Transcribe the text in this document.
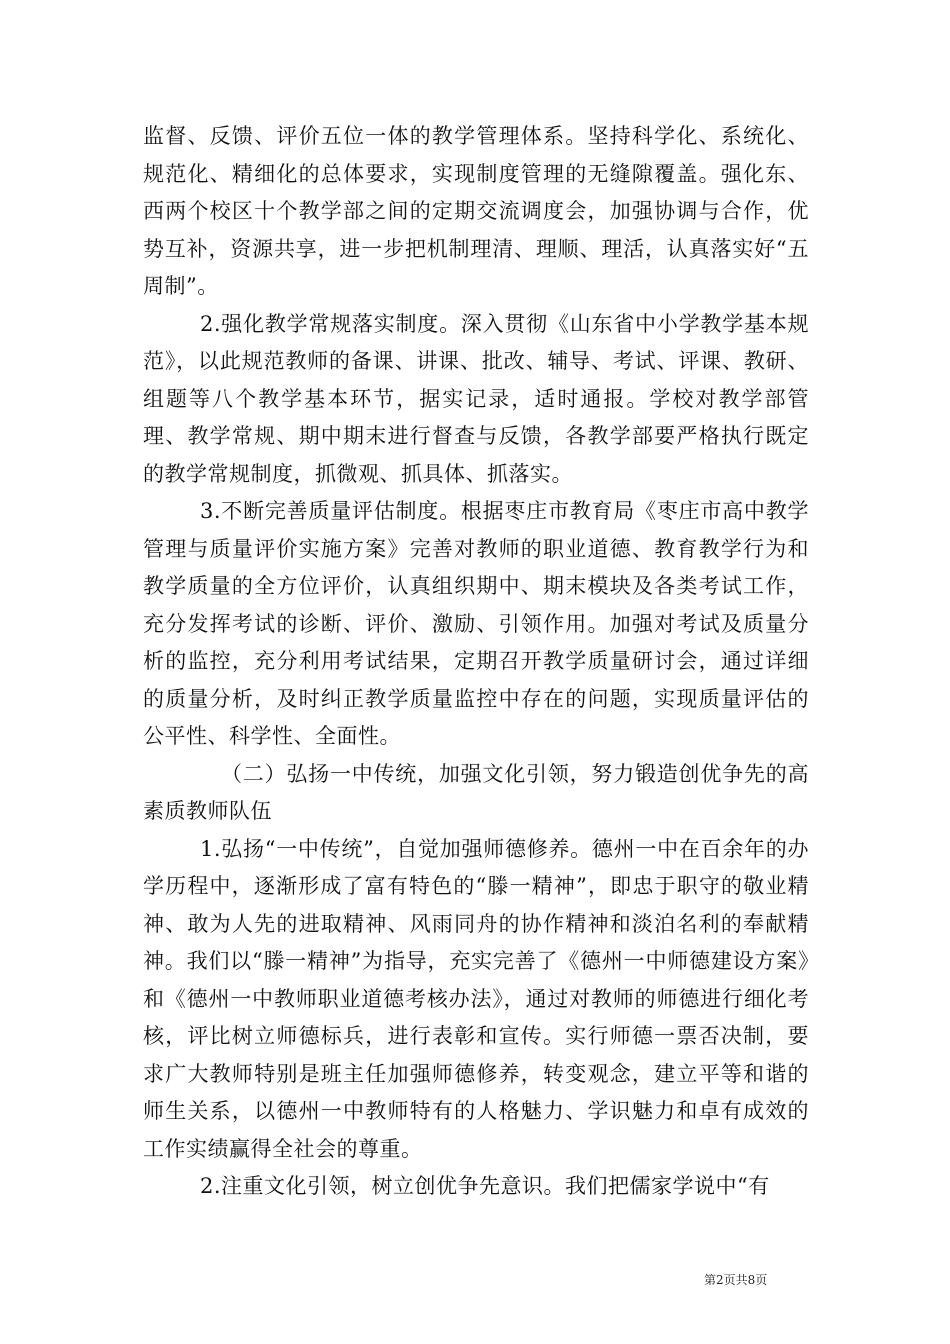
监督、反馈、评价五位一体的教学管理体系。坚持科学化、系统化、规范化、精细化的总体要求，实现制度管理的无缝隙覆盖。强化东、西两个校区十个教学部之间的定期交流调度会，加强协调与合作，优势互补，资源共享，进一步把机制理清、理顺、理活，认真落实好“五周制”。

2.强化教学常规落实制度。深入贯彻《山东省中小学教学基本规范》，以此规范教师的备课、讲课、批改、辅导、考试、评课、教研、组题等八个教学基本环节，据实记录，适时通报。学校对教学部管理、教学常规、期中期末进行督查与反馈，各教学部要严格执行既定的教学常规制度，抓微观、抓具体、抓落实。

3.不断完善质量评估制度。根据枣庄市教育局《枣庄市高中教学管理与质量评价实施方案》完善对教师的职业道德、教育教学行为和教学质量的全方位评价，认真组织期中、期末模块及各类考试工作，充分发挥考试的诊断、评价、激励、引领作用。加强对考试及质量分析的监控，充分利用考试结果，定期召开教学质量研讨会，通过详细的质量分析，及时纠正教学质量监控中存在的问题，实现质量评估的公平性、科学性、全面性。

（二）弘扬一中传统，加强文化引领，努力锻造创优争先的高素质教师队伍

1.弘扬“一中传统”，自觉加强师德修养。德州一中在百余年的办学历程中，逐渐形成了富有特色的“滕一精神”，即忠于职守的敬业精神、敢为人先的进取精神、风雨同舟的协作精神和淡泊名利的奉献精神。我们以“滕一精神”为指导，充实完善了《德州一中师德建设方案》和《德州一中教师职业道德考核办法》，通过对教师的师德进行细化考核，评比树立师德标兵，进行表彰和宣传。实行师德一票否决制，要求广大教师特别是班主任加强师德修养，转变观念，建立平等和谐的师生关系，以德州一中教师特有的人格魅力、学识魅力和卓有成效的工作实绩赢得全社会的尊重。

2.注重文化引领，树立创优争先意识。我们把儒家学说中“有

第2页共8页
